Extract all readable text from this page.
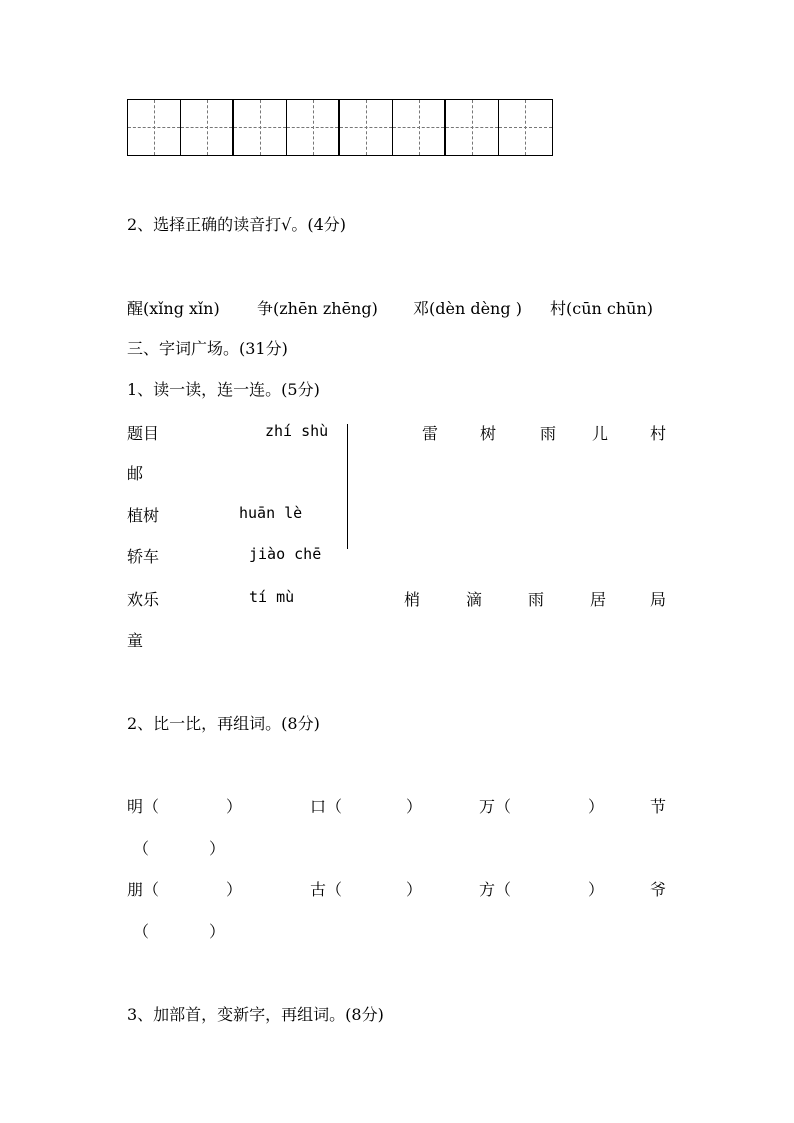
2、选择正确的读音打√。(4分)
醒(xǐng xǐn) 争(zhēn zhēng) 邓(dèn dèng ) 村(cūn chūn)
三、字词广场。(31分)
1、读一读，连一连。(5分)
题目	zhí shù	雷	树	雨 儿	村
邮
植树	huān lè
轿车	jiào chē
欢乐	tí mù	梢	滴	雨	居	局
童
2、比一比，再组词。(8分)
明（	）	口（	）	万（	）	节
（	）
朋（	）	古（	）	方（	）	爷
（	）
3、加部首，变新字，再组词。(8分)
